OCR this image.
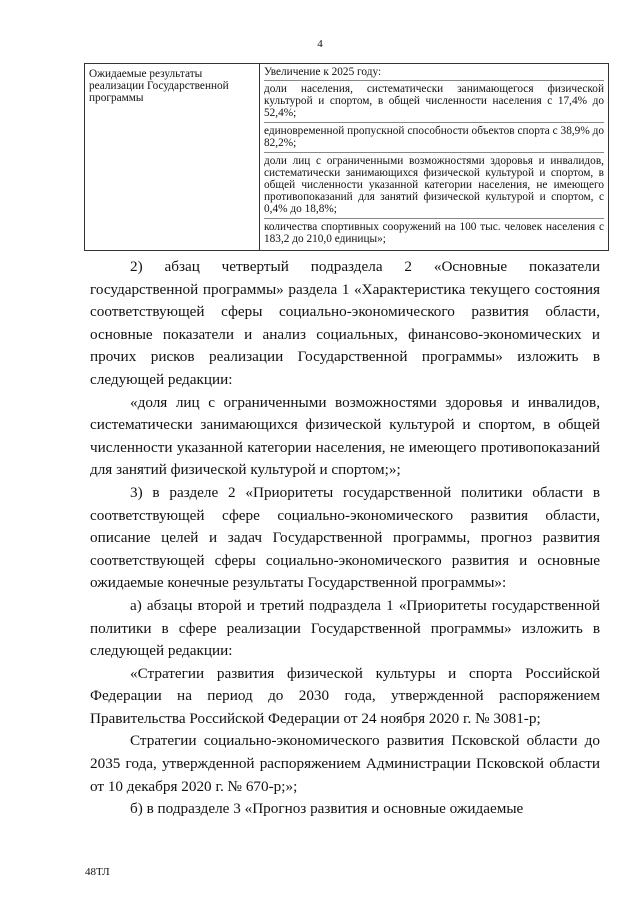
4
Ожидаемые результаты реализации Государственной программы	
Увеличение к 2025 году:
доли населения, систематически занимающегося физической культурой и спортом, в общей численности населения с 17,4% до 52,4%;
единовременной пропускной способности объектов спорта с 38,9% до 82,2%;
доли лиц с ограниченными возможностями здоровья и инвалидов, систематически занимающихся физической культурой и спортом, в общей численности указанной категории населения, не имеющего противопоказаний для занятий физической культурой и спортом, с 0,4% до 18,8%;
количества спортивных сооружений на 100 тыс. человек населения с 183,2 до 210,0 единицы»;

2) абзац четвертый подраздела 2 «Основные показатели государственной программы» раздела 1 «Характеристика текущего состояния соответствующей сферы социально-экономического развития области, основные показатели и анализ социальных, финансово-экономических и прочих рисков реализации Государственной программы» изложить в следующей редакции:

«доля лиц с ограниченными возможностями здоровья и инвалидов, систематически занимающихся физической культурой и спортом, в общей численности указанной категории населения, не имеющего противопоказаний для занятий физической культурой и спортом;»;

3) в разделе 2 «Приоритеты государственной политики области в соответствующей сфере социально-экономического развития области, описание целей и задач Государственной программы, прогноз развития соответствующей сферы социально-экономического развития и основные ожидаемые конечные результаты Государственной программы»:

а) абзацы второй и третий подраздела 1 «Приоритеты государственной политики в сфере реализации Государственной программы» изложить в следующей редакции:

«Стратегии развития физической культуры и спорта Российской Федерации на период до 2030 года, утвержденной распоряжением Правительства Российской Федерации от 24 ноября 2020 г. № 3081-р;

Стратегии социально-экономического развития Псковской области до 2035 года, утвержденной распоряжением Администрации Псковской области от 10 декабря 2020 г. № 670-р;»;

б) в подразделе 3 «Прогноз развития и основные ожидаемые

48ТЛ
